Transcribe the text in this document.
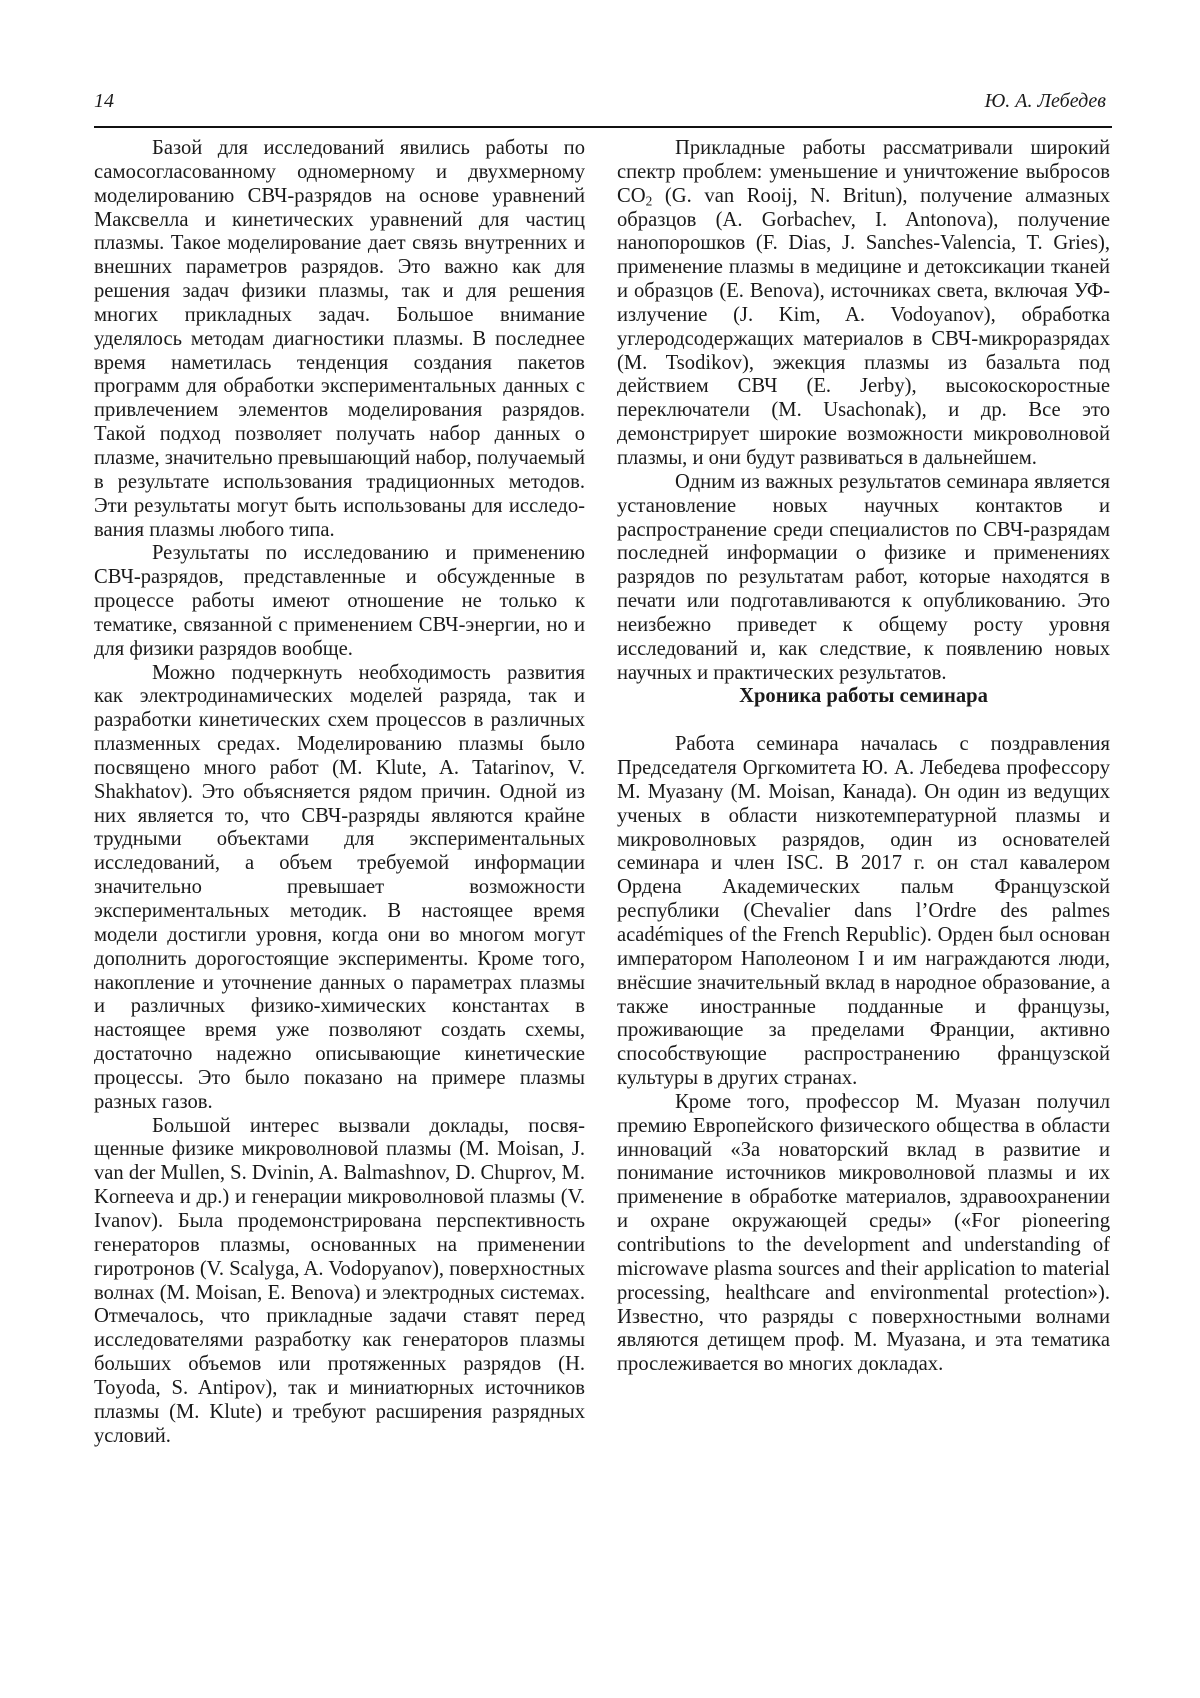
14	Ю. А. Лебедев

Базой для исследований явились работы по самосогласованному одномерному и двухмерному моделированию СВЧ-разрядов на основе уравнений Максвелла и кинетических уравнений для частиц плазмы. Такое моделирование дает связь внутренних и внешних параметров разрядов. Это важно как для решения задач физики плазмы, так и для решения многих прикладных задач. Большое внимание уделялось методам диагностики плазмы. В последнее время наметилась тенденция создания пакетов программ для обработки экспериментальных данных с привлечением элементов моделирования разрядов. Такой подход позволяет получать набор данных о плазме, значительно превышающий набор, получаемый в результате использования традиционных методов. Эти результаты могут быть использованы для исследования плазмы любого типа.

Результаты по исследованию и применению СВЧ-разрядов, представленные и обсужденные в процессе работы имеют отношение не только к тематике, связанной с применением СВЧ-энергии, но и для физики разрядов вообще.

Можно подчеркнуть необходимость развития как электродинамических моделей разряда, так и разработки кинетических схем процессов в различных плазменных средах. Моделированию плазмы было посвящено много работ (M. Klute, A. Tatarinov, V. Shakhatov). Это объясняется рядом причин. Одной из них является то, что СВЧ-разряды являются крайне трудными объектами для экспериментальных исследований, а объем требуемой информации значительно превышает возможности экспериментальных методик. В настоящее время модели достигли уровня, когда они во многом могут дополнить дорогостоящие эксперименты. Кроме того, накопление и уточнение данных о параметрах плазмы и различных физико-химических константах в настоящее время уже позволяют создать схемы, достаточно надежно описывающие кинетические процессы. Это было показано на примере плазмы разных газов.

Большой интерес вызвали доклады, посвященные физике микроволновой плазмы (M. Moisan, J. van der Mullen, S. Dvinin, A. Balmashnov, D. Chuprov, M. Korneeva и др.) и генерации микроволновой плазмы (V. Ivanov). Была продемонстрирована перспективность генераторов плазмы, основанных на применении гиротронов (V. Scalyga, A. Vodopyanov), поверхностных волнах (M. Moisan, E. Benova) и электродных системах. Отмечалось, что прикладные задачи ставят перед исследователями разработку как генераторов плазмы больших объемов или протяженных разрядов (H. Toyoda, S. Antipov), так и миниатюрных источников плазмы (M. Klute) и требуют расширения разрядных условий.

Прикладные работы рассматривали широкий спектр проблем: уменьшение и уничтожение выбросов $CO_2$ (G. van Rooij, N. Britun), получение алмазных образцов (A. Gorbachev, I. Antonova), получение нанопорошков (F. Dias, J. Sanches-Valencia, T. Gries), применение плазмы в медицине и детоксикации тканей и образцов (E. Benova), источниках света, включая УФ-излучение (J. Kim, A. Vodoyanov), обработка углеродсодержащих материалов в СВЧ-микроразрядах (M. Tsodikov), эжекция плазмы из базальта под действием СВЧ (E. Jerby), высокоскоростные переключатели (M. Usachonak), и др. Все это демонстрирует широкие возможности микроволновой плазмы, и они будут развиваться в дальнейшем.

Одним из важных результатов семинара является установление новых научных контактов и распространение среди специалистов по СВЧ-разрядам последней информации о физике и применениях разрядов по результатам работ, которые находятся в печати или подготавливаются к опубликованию. Это неизбежно приведет к общему росту уровня исследований и, как следствие, к появлению новых научных и практических результатов.

Хроника работы семинара

Работа семинара началась с поздравления Председателя Оргкомитета Ю. А. Лебедева профессору М. Муазану (M. Moisan, Канада). Он один из ведущих ученых в области низкотемпературной плазмы и микроволновых разрядов, один из основателей семинара и член ISC. В 2017 г. он стал кавалером Ордена Академических пальм Французской республики (Chevalier dans l’Ordre des palmes académiques of the French Republic). Орден был основан императором Наполеоном I и им награждаются люди, внёсшие значительный вклад в народное образование, а также иностранные подданные и французы, проживающие за пределами Франции, активно способствующие распространению французской культуры в других странах.

Кроме того, профессор М. Муазан получил премию Европейского физического общества в области инноваций «За новаторский вклад в развитие и понимание источников микроволновой плазмы и их применение в обработке материалов, здравоохранении и охране окружающей среды» («For pioneering contributions to the development and understanding of microwave plasma sources and their application to material processing, healthcare and environmental protection»). Известно, что разряды с поверхностными волнами являются детищем проф. М. Муазана, и эта тематика прослеживается во многих докладах.
